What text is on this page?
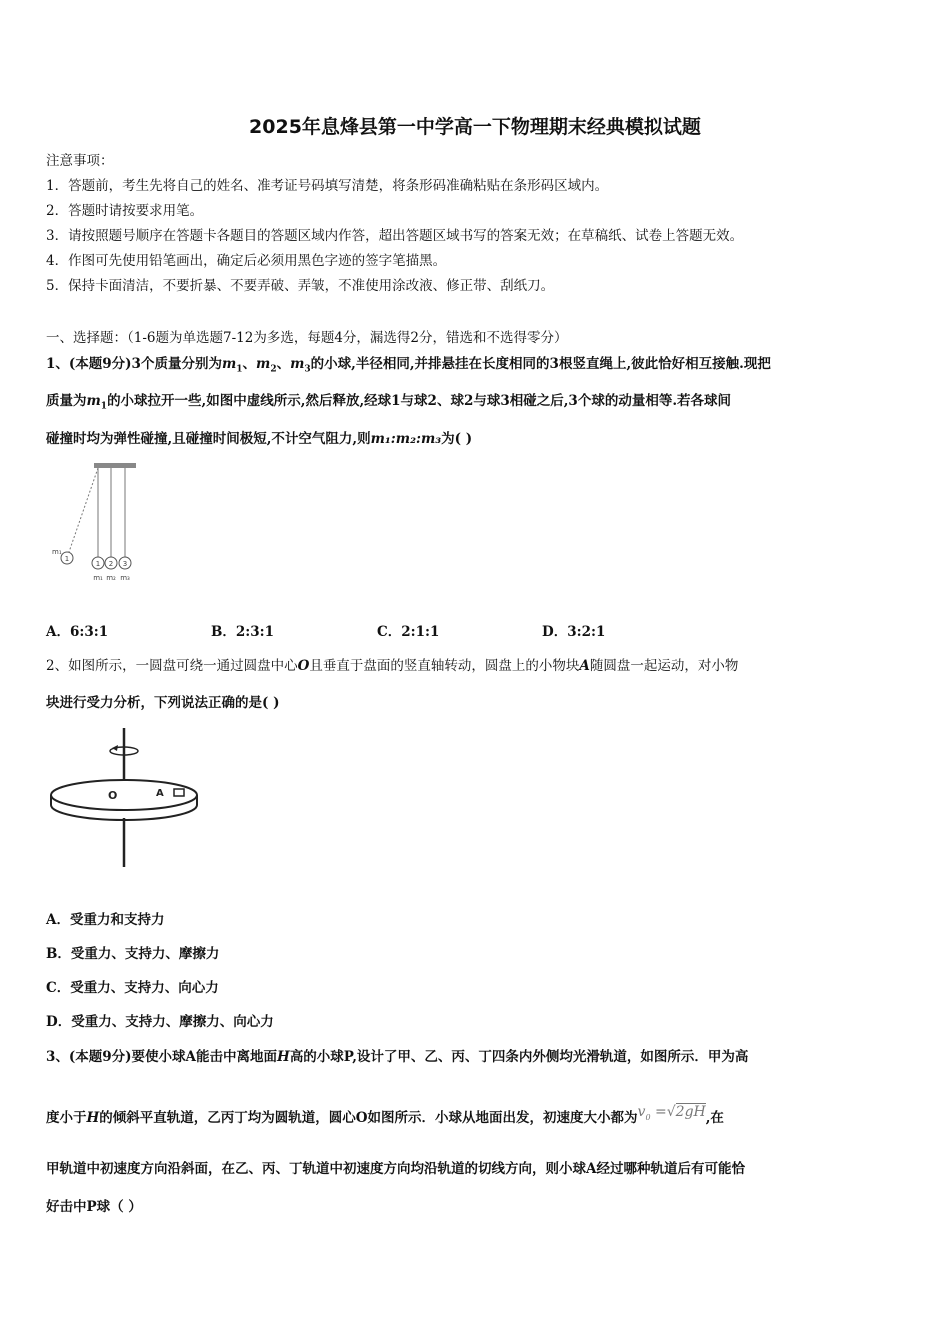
2025年息烽县第一中学高一下物理期末经典模拟试题
注意事项：
1．答题前，考生先将自己的姓名、准考证号码填写清楚，将条形码准确粘贴在条形码区域内。
2．答题时请按要求用笔。
3．请按照题号顺序在答题卡各题目的答题区域内作答，超出答题区域书写的答案无效；在草稿纸、试卷上答题无效。
4．作图可先使用铅笔画出，确定后必须用黑色字迹的签字笔描黑。
5．保持卡面清洁，不要折暴、不要弄破、弄皱，不准使用涂改液、修正带、刮纸刀。
一、选择题：（1-6题为单选题7-12为多选，每题4分，漏选得2分，错选和不选得零分）
1、(本题9分)3个质量分别为$m_1$、$m_2$、$m_3$的小球,半径相同,并排悬挂在长度相同的3根竖直绳上,彼此恰好相互接触.现把
质量为$m_1$的小球拉开一些,如图中虚线所示,然后释放,经球1与球2、球2与球3相碰之后,3个球的动量相等.若各球间
碰撞时均为弹性碰撞,且碰撞时间极短,不计空气阻力,则m₁:m₂:m₃为( )
1
1 2 3
m₁
m₁ m₂ m₃
A．6:3:1	B．2:3:1	C．2:1:1	D．3:2:1
2、如图所示，一圆盘可绕一通过圆盘中心O且垂直于盘面的竖直轴转动，圆盘上的小物块A随圆盘一起运动，对小物
块进行受力分析，下列说法正确的是( )
O	A
A．受重力和支持力
B．受重力、支持力、摩擦力
C．受重力、支持力、向心力
D．受重力、支持力、摩擦力、向心力
3、(本题9分)要使小球A能击中离地面H高的小球P,设计了甲、乙、丙、丁四条内外侧均光滑轨道，如图所示．甲为高
度小于H的倾斜平直轨道，乙丙丁均为圆轨道，圆心O如图所示．小球从地面出发，初速度大小都为$v_0 =√2gH$,在
甲轨道中初速度方向沿斜面，在乙、丙、丁轨道中初速度方向均沿轨道的切线方向，则小球A经过哪种轨道后有可能恰
好击中P球（ ）
